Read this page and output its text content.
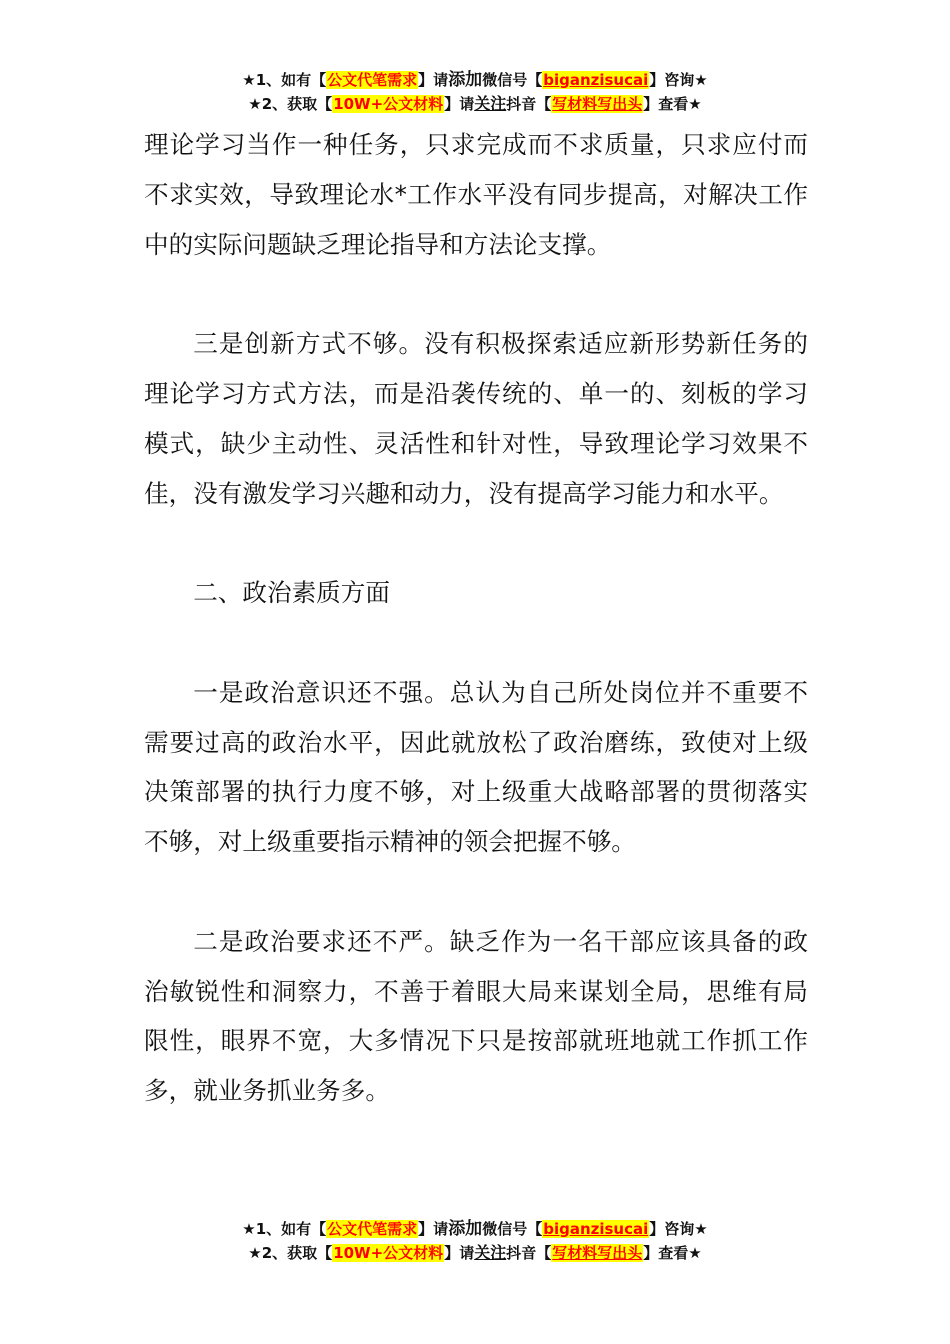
★1、如有【公文代笔需求】请添加微信号【biganzisucai】咨询★
★2、获取【10W+公文材料】请关注抖音【写材料写出头】查看★

理论学习当作一种任务，只求完成而不求质量，只求应付而不求实效，导致理论水*工作水平没有同步提高，对解决工作中的实际问题缺乏理论指导和方法论支撑。

三是创新方式不够。没有积极探索适应新形势新任务的理论学习方式方法，而是沿袭传统的、单一的、刻板的学习模式，缺少主动性、灵活性和针对性，导致理论学习效果不佳，没有激发学习兴趣和动力，没有提高学习能力和水平。

二、政治素质方面

一是政治意识还不强。总认为自己所处岗位并不重要不需要过高的政治水平，因此就放松了政治磨练，致使对上级决策部署的执行力度不够，对上级重大战略部署的贯彻落实不够，对上级重要指示精神的领会把握不够。

二是政治要求还不严。缺乏作为一名干部应该具备的政治敏锐性和洞察力，不善于着眼大局来谋划全局，思维有局限性，眼界不宽，大多情况下只是按部就班地就工作抓工作多，就业务抓业务多。

★1、如有【公文代笔需求】请添加微信号【biganzisucai】咨询★
★2、获取【10W+公文材料】请关注抖音【写材料写出头】查看★
